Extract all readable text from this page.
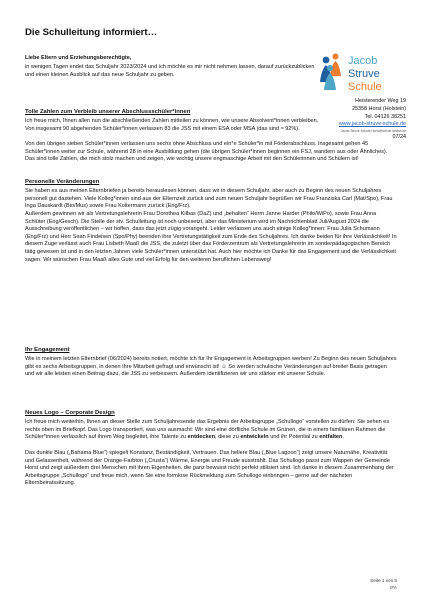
Die Schulleitung informiert…
Jacob
Struve
Schule
Heisterender Weg 19
25358 Horst (Holstein)
Tel. 04126 38251
www.jacob-struve-schule.de
Jacob-Struve-Schule.Horst@schule.landsh.de
07/24

Liebe Eltern und Erziehungsberechtigte,

in wenigen Tagen endet das Schuljahr 2023/2024 und ich möchte es mir nicht nehmen lassen, darauf zurückzublicken und einen kleinen Ausblick auf das neue Schuljahr zu geben.

Tolle Zahlen zum Verbleib unserer Abschlussschüler*innen

Ich freue mich, Ihnen allen nun die abschließenden Zahlen mitteilen zu können, wie unsere Absolvent*innen verbleiben. Von insgesamt 90 abgehenden Schüler*innen verlassen 83 die JSS mit einem ESA oder MSA (das sind ≈ 92%).

Von den übrigen sieben Schüler*innen verlassen uns sechs ohne Abschluss und ein*e Schüler*in mit Förderabschluss. Insgesamt gehen 45 Schüler*innen weiter zur Schule, während 28 in eine Ausbildung gehen (die übrigen Schüler*innen beginnen ein FSJ, wandern aus oder Ähnliches). Das sind tolle Zahlen, die mich stolz machen und zeigen, wie wichtig unsere engmaschige Arbeit mit den Schülerinnen und Schülern ist!

Personelle Veränderungen

Sie haben es aus meinen Elternbriefen ja bereits herauslesen können, dass wir in diesem Schuljahr, aber auch zu Beginn des neuen Schuljahres personell gut dastehen. Viele Kolleg*innen sind aus der Elternzeit zurück und zum neuen Schuljahr begrüßen wir Frau Franziska Carl (Mat/Spo), Frau Inga Dauskardt (Bio/Mus) sowie Frau Koltermann zurück (Eng/Frz).

Außerdem gewinnen wir als Vertretungslehrerin Frau Dorothea Kilbas (DaZ) und „behalten“ Herrn Janne Harder (Philo/WiPo), sowie Frau Anna Schlüter (Eng/Gesch). Die Stelle der stv. Schulleitung ist noch unbesetzt, aber das Ministerium wird im Nachrichtenblatt Juli/August 2024 die Ausschreibung veröffentlichen – wir hoffen, dass das jetzt zügig vorangeht. Leider verlassen uns auch einige Kolleg*innen: Frau Julia Schumann (Eng/Frz) und Herr Sean Findeisen (Spo/Phy) beenden ihre Vertretungstätigkeit zum Ende des Schuljahres. Ich danke beiden für ihre Verlässlichkeit! In diesem Zuge verlässt auch Frau Lisbeth Maaß die JSS, die zuletzt über das Förderzentrum als Vertretungslehrerin im sonderpädagogischen Bereich tätig gewesen ist und in den letzten Jahren viele Schüler*innen unterstützt hat. Auch hier möchte ich Danke für das Engagement und die Verlässlichkeit sagen. Wir wünschen Frau Maaß alles Gute und viel Erfolg für den weiteren beruflichen Lebensweg!

Ihr Engagement

Wie in meinem letzten Elternbrief (06/2024) bereits notiert, möchte ich für Ihr Engagement in Arbeitsgruppen werben! Zu Beginn des neuen Schuljahres gibt es sechs Arbeitsgruppen, in denen Ihre Mitarbeit gefragt und erwünscht ist! ☺ So werden schulische Veränderungen auf breiter Basis getragen und wir alle leisten einen Beitrag dazu, die JSS zu verbessern. Außerdem identifizieren wir uns stärker mit unserer Schule.

Neues Logo – Corporate Design

Ich freue mich weiterhin, Ihnen an dieser Stelle zum Schuljahresende das Ergebnis der Arbeitsgruppe „Schullogo“ vorstellen zu dürfen: Sie sehen es rechts oben im Briefkopf. Das Logo transportiert, was uns ausmacht: Wir sind eine dörfliche Schule im Grünen, die in einem familiären Rahmen die Schüler*innen verlässlich auf ihrem Weg begleitet, ihre Talente zu entdecken, diese zu entwickeln und ihr Potential zu entfalten.

Das dunkle Blau („Bahama Blue“) spiegelt Konstanz, Beständigkeit, Vertrauen. Das hellere Blau („Blue Lagoon“) zeigt unsere Naturnähe, Kreativität und Gelassenheit, während der Orange-Farbton („Crusta“) Wärme, Energie und Freude ausstrahlt. Das Schullogo passt zum Wappen der Gemeinde Horst und zeigt außerdem drei Menschen mit ihren Eigenheiten, die ganz bewusst nicht perfekt stilisiert sind. Ich danke in diesem Zusammenhang der Arbeitsgruppe „Schullogo“ und freue mich, wenn Sie eine formlose Rückmeldung zum Schullogo einbringen – gerne auf der nächsten Elternbeiratssitzung.

Seite 1 von 5
IFA
